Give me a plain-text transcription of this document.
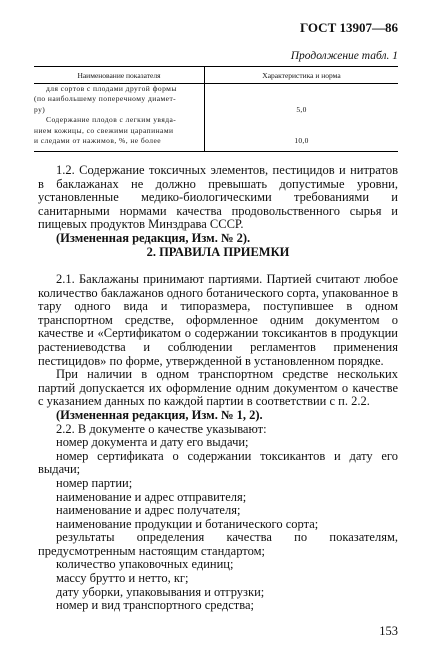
ГОСТ 13907—86
Продолжение табл. 1
Наименование показателя	Характеристика и норма

для сортов с плодами другой формы
(по наибольшему поперечному диамет-
ру)	5,0

Содержание плодов с легким увяда-
нием кожицы, со свежими царапинами
и следами от нажимов, %, не более	10,0

1.2. Содержание токсичных элементов, пестицидов и нитратов в баклажанах не должно превышать допустимые уровни, установленные медико-биологическими требованиями и санитарными нормами качества продовольственного сырья и пищевых продуктов Минздрава СССР.

(Измененная редакция, Изм. № 2).

2. ПРАВИЛА ПРИЕМКИ

2.1. Баклажаны принимают партиями. Партией считают любое количество баклажанов одного ботанического сорта, упакованное в тару одного вида и типоразмера, поступившее в одном транспортном средстве, оформленное одним документом о качестве и «Сертификатом о содержании токсикантов в продукции растениеводства и соблюдении регламентов применения пестицидов» по форме, утвержденной в установленном порядке.

При наличии в одном транспортном средстве нескольких партий допускается их оформление одним документом о качестве с указанием данных по каждой партии в соответствии с п. 2.2.

(Измененная редакция, Изм. № 1, 2).

2.2. В документе о качестве указывают:

номер документа и дату его выдачи;

номер сертификата о содержании токсикантов и дату его выдачи;

номер партии;

наименование и адрес отправителя;

наименование и адрес получателя;

наименование продукции и ботанического сорта;

результаты определения качества по показателям, предусмотренным настоящим стандартом;

количество упаковочных единиц;

массу брутто и нетто, кг;

дату уборки, упаковывания и отгрузки;

номер и вид транспортного средства;

153
